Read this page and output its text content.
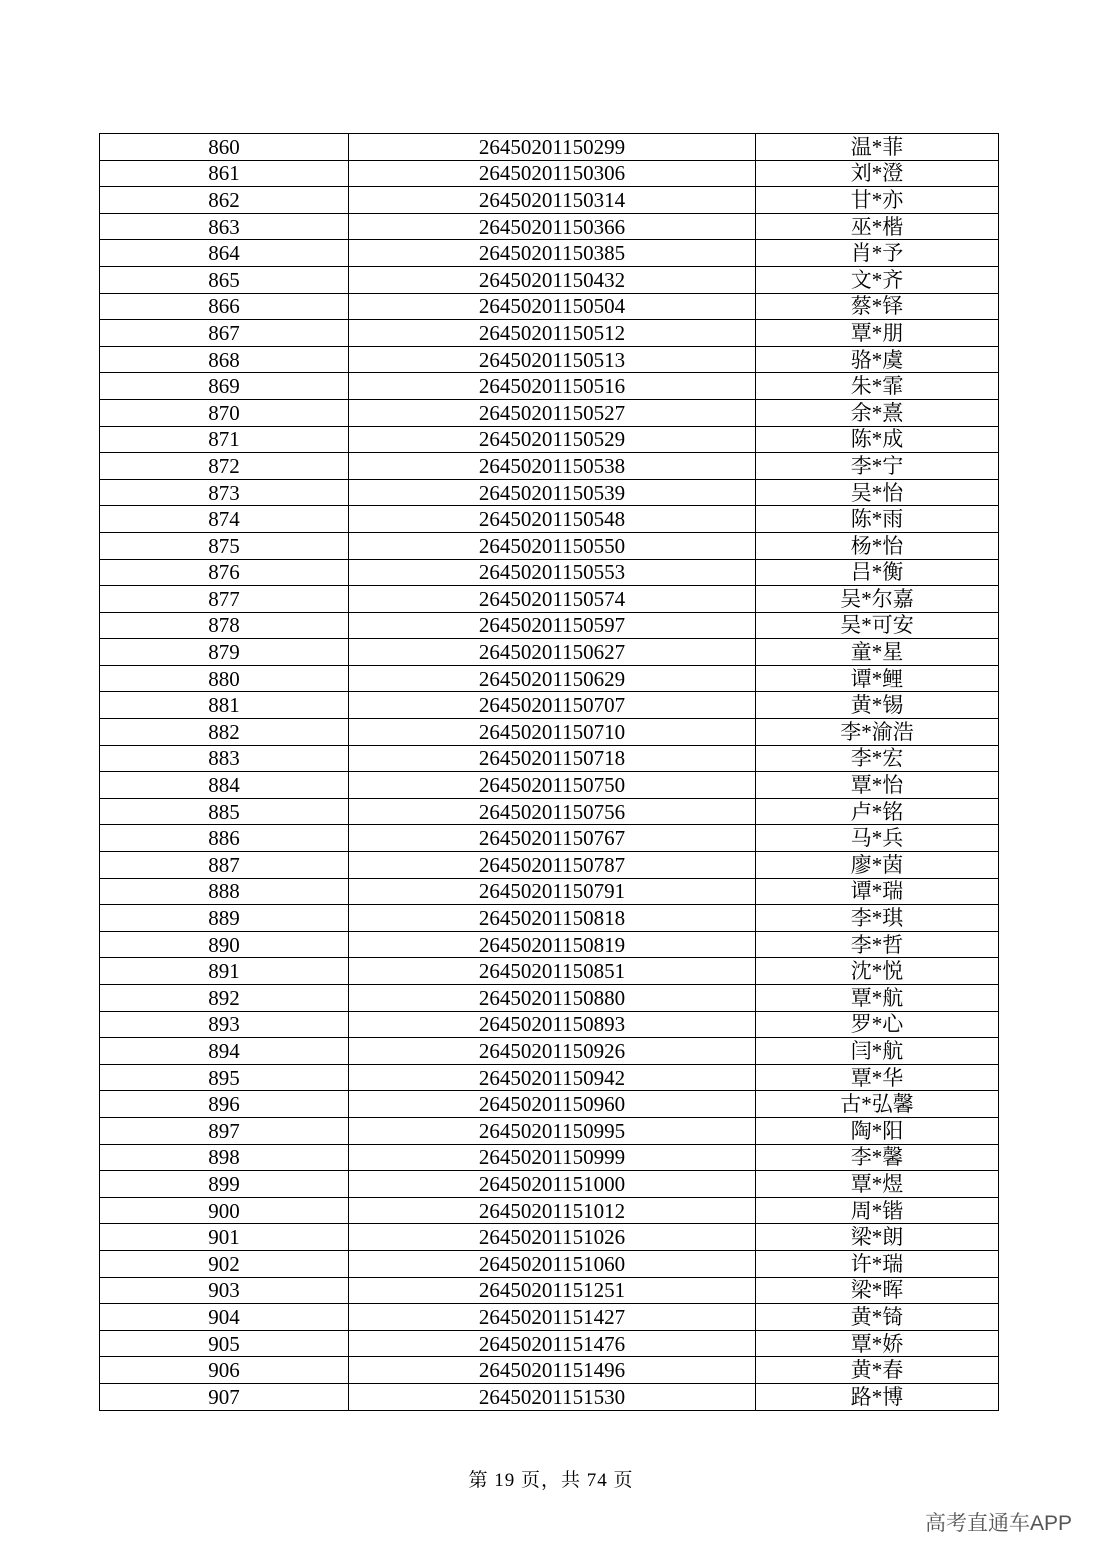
860	26450201150299	温*菲
861	26450201150306	刘*澄
862	26450201150314	甘*亦
863	26450201150366	巫*楷
864	26450201150385	肖*予
865	26450201150432	文*齐
866	26450201150504	蔡*铎
867	26450201150512	覃*朋
868	26450201150513	骆*虞
869	26450201150516	朱*霏
870	26450201150527	余*熹
871	26450201150529	陈*成
872	26450201150538	李*宁
873	26450201150539	吴*怡
874	26450201150548	陈*雨
875	26450201150550	杨*怡
876	26450201150553	吕*衡
877	26450201150574	吴*尔嘉
878	26450201150597	吴*可安
879	26450201150627	童*星
880	26450201150629	谭*鲤
881	26450201150707	黄*锡
882	26450201150710	李*渝浩
883	26450201150718	李*宏
884	26450201150750	覃*怡
885	26450201150756	卢*铭
886	26450201150767	马*兵
887	26450201150787	廖*茵
888	26450201150791	谭*瑞
889	26450201150818	李*琪
890	26450201150819	李*哲
891	26450201150851	沈*悦
892	26450201150880	覃*航
893	26450201150893	罗*心
894	26450201150926	闫*航
895	26450201150942	覃*华
896	26450201150960	古*弘馨
897	26450201150995	陶*阳
898	26450201150999	李*馨
899	26450201151000	覃*煜
900	26450201151012	周*锴
901	26450201151026	梁*朗
902	26450201151060	许*瑞
903	26450201151251	梁*晖
904	26450201151427	黄*锜
905	26450201151476	覃*娇
906	26450201151496	黄*春
907	26450201151530	路*博
第 19 页，共 74 页
高考直通车APP
